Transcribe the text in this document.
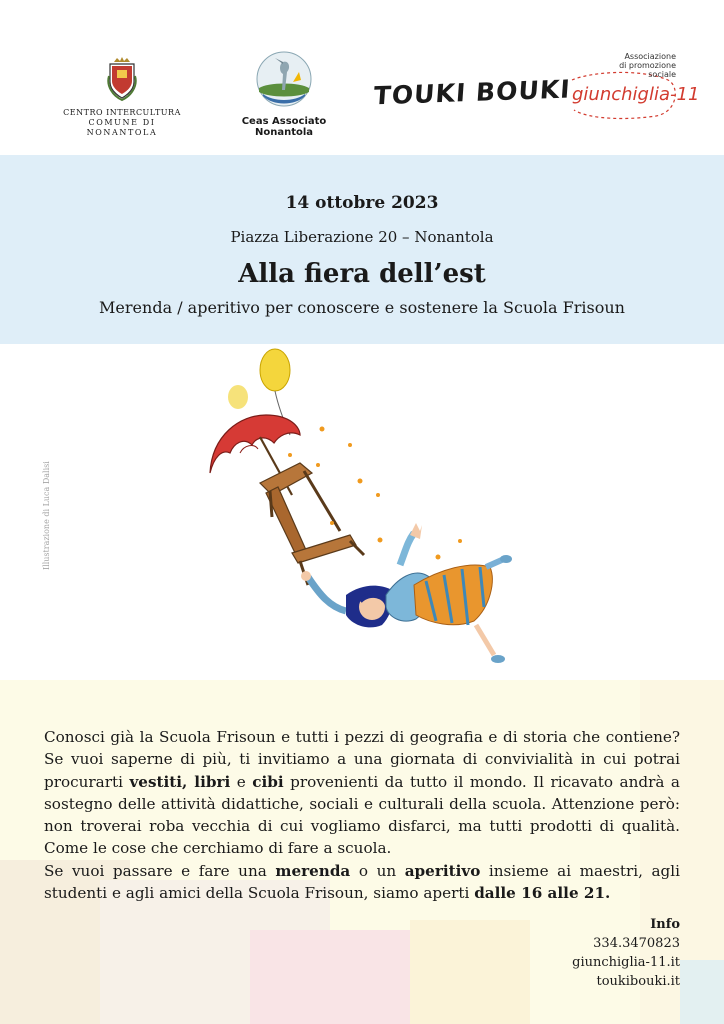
CENTRO INTERCULTURA
COMUNE DI NONANTOLA
Ceas Associato Nonantola
TOUKI BOUKI
Associazione
di promozione
sociale
giunchiglia-11
14 ottobre 2023
Piazza Liberazione 20 – Nonantola
Alla fiera dell’est
Merenda / aperitivo per conoscere e sostenere la Scuola Frisoun
Illustrazione di Luca Dalisi

Conosci già la Scuola Frisoun e tutti i pezzi di geografia e di storia che contiene? Se vuoi saperne di più, ti invitiamo a una giornata di convivialità in cui potrai procurarti vestiti, libri e cibi provenienti da tutto il mondo. Il ricavato andrà a sostegno delle attività didattiche, sociali e culturali della scuola. Attenzione però: non troverai roba vecchia di cui vogliamo disfarci, ma tutti prodotti di qualità. Come le cose che cerchiamo di fare a scuola.

Se vuoi passare e fare una merenda o un aperitivo insieme ai maestri, agli studenti e agli amici della Scuola Frisoun, siamo aperti dalle 16 alle 21.

Info
334.3470823
giunchiglia-11.it
toukibouki.it
